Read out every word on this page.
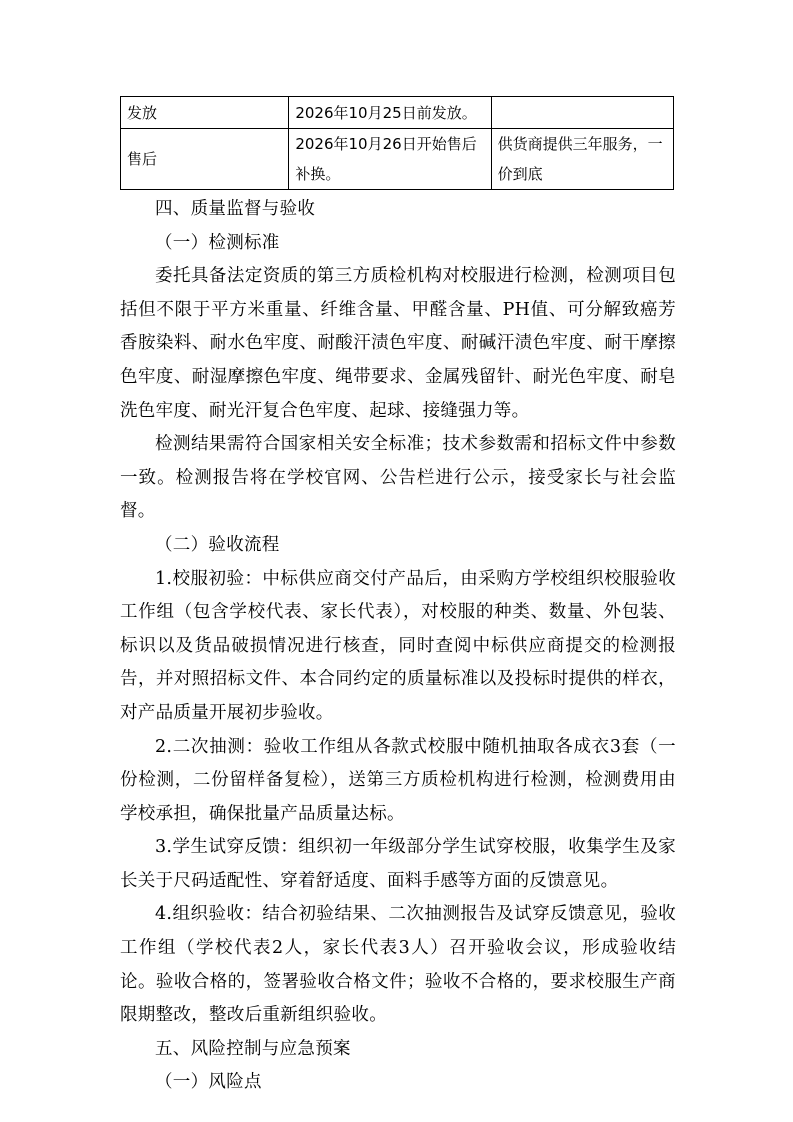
发放	2026年10月25日前发放。	
售后	2026年10月26日开始售后补换。	供货商提供三年服务，一价到底

四、质量监督与验收

（一）检测标准

委托具备法定资质的第三方质检机构对校服进行检测，检测项目包括但不限于平方米重量、纤维含量、甲醛含量、PH值、可分解致癌芳香胺染料、耐水色牢度、耐酸汗渍色牢度、耐碱汗渍色牢度、耐干摩擦色牢度、耐湿摩擦色牢度、绳带要求、金属残留针、耐光色牢度、耐皂洗色牢度、耐光汗复合色牢度、起球、接缝强力等。

检测结果需符合国家相关安全标准；技术参数需和招标文件中参数一致。检测报告将在学校官网、公告栏进行公示，接受家长与社会监督。

（二）验收流程

1.校服初验：中标供应商交付产品后，由采购方学校组织校服验收工作组（包含学校代表、家长代表），对校服的种类、数量、外包装、标识以及货品破损情况进行核查，同时查阅中标供应商提交的检测报告，并对照招标文件、本合同约定的质量标准以及投标时提供的样衣，对产品质量开展初步验收。

2.二次抽测：验收工作组从各款式校服中随机抽取各成衣3套（一份检测，二份留样备复检），送第三方质检机构进行检测，检测费用由学校承担，确保批量产品质量达标。

3.学生试穿反馈：组织初一年级部分学生试穿校服，收集学生及家长关于尺码适配性、穿着舒适度、面料手感等方面的反馈意见。

4.组织验收：结合初验结果、二次抽测报告及试穿反馈意见，验收工作组（学校代表2人，家长代表3人）召开验收会议，形成验收结论。验收合格的，签署验收合格文件；验收不合格的，要求校服生产商限期整改，整改后重新组织验收。

五、风险控制与应急预案

（一）风险点
